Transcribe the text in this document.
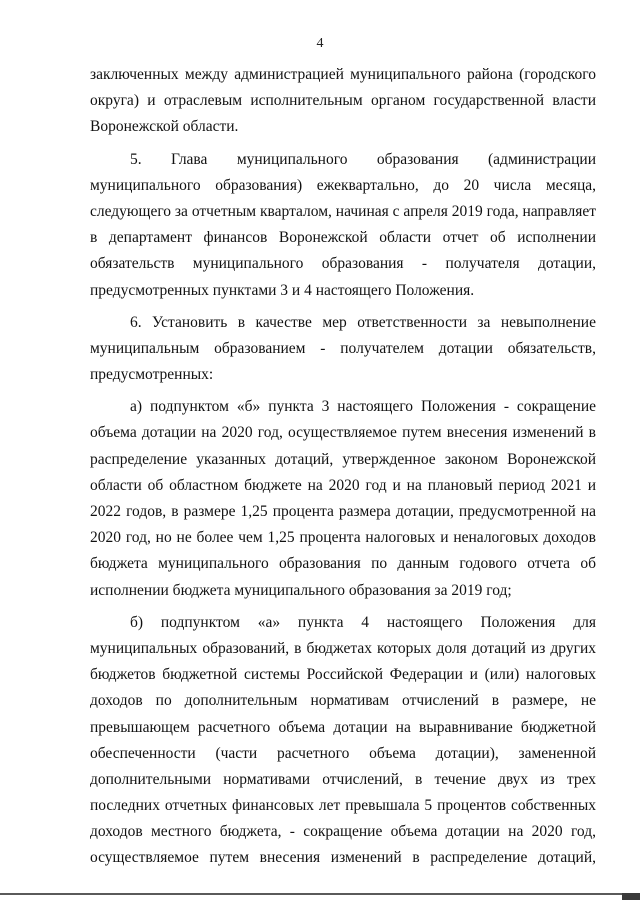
4
заключенных между администрацией муниципального района (городского
округа) и отраслевым исполнительным органом государственной власти
Воронежской области.
5. Глава муниципального образования (администрации
муниципального образования) ежеквартально, до 20 числа месяца,
следующего за отчетным кварталом, начиная с апреля 2019 года, направляет
в департамент финансов Воронежской области отчет об исполнении
обязательств муниципального образования - получателя дотации,
предусмотренных пунктами 3 и 4 настоящего Положения.
6. Установить в качестве мер ответственности за невыполнение
муниципальным образованием - получателем дотации обязательств,
предусмотренных:
а) подпунктом «б» пункта 3 настоящего Положения - сокращение
объема дотации на 2020 год, осуществляемое путем внесения изменений в
распределение указанных дотаций, утвержденное законом Воронежской
области об областном бюджете на 2020 год и на плановый период 2021 и
2022 годов, в размере 1,25 процента размера дотации, предусмотренной на
2020 год, но не более чем 1,25 процента налоговых и неналоговых доходов
бюджета муниципального образования по данным годового отчета об
исполнении бюджета муниципального образования за 2019 год;
б) подпунктом «а» пункта 4 настоящего Положения для
муниципальных образований, в бюджетах которых доля дотаций из других
бюджетов бюджетной системы Российской Федерации и (или) налоговых
доходов по дополнительным нормативам отчислений в размере, не
превышающем расчетного объема дотации на выравнивание бюджетной
обеспеченности (части расчетного объема дотации), замененной
дополнительными нормативами отчислений, в течение двух из трех
последних отчетных финансовых лет превышала 5 процентов собственных
доходов местного бюджета, - сокращение объема дотации на 2020 год,
осуществляемое путем внесения изменений в распределение дотаций,
